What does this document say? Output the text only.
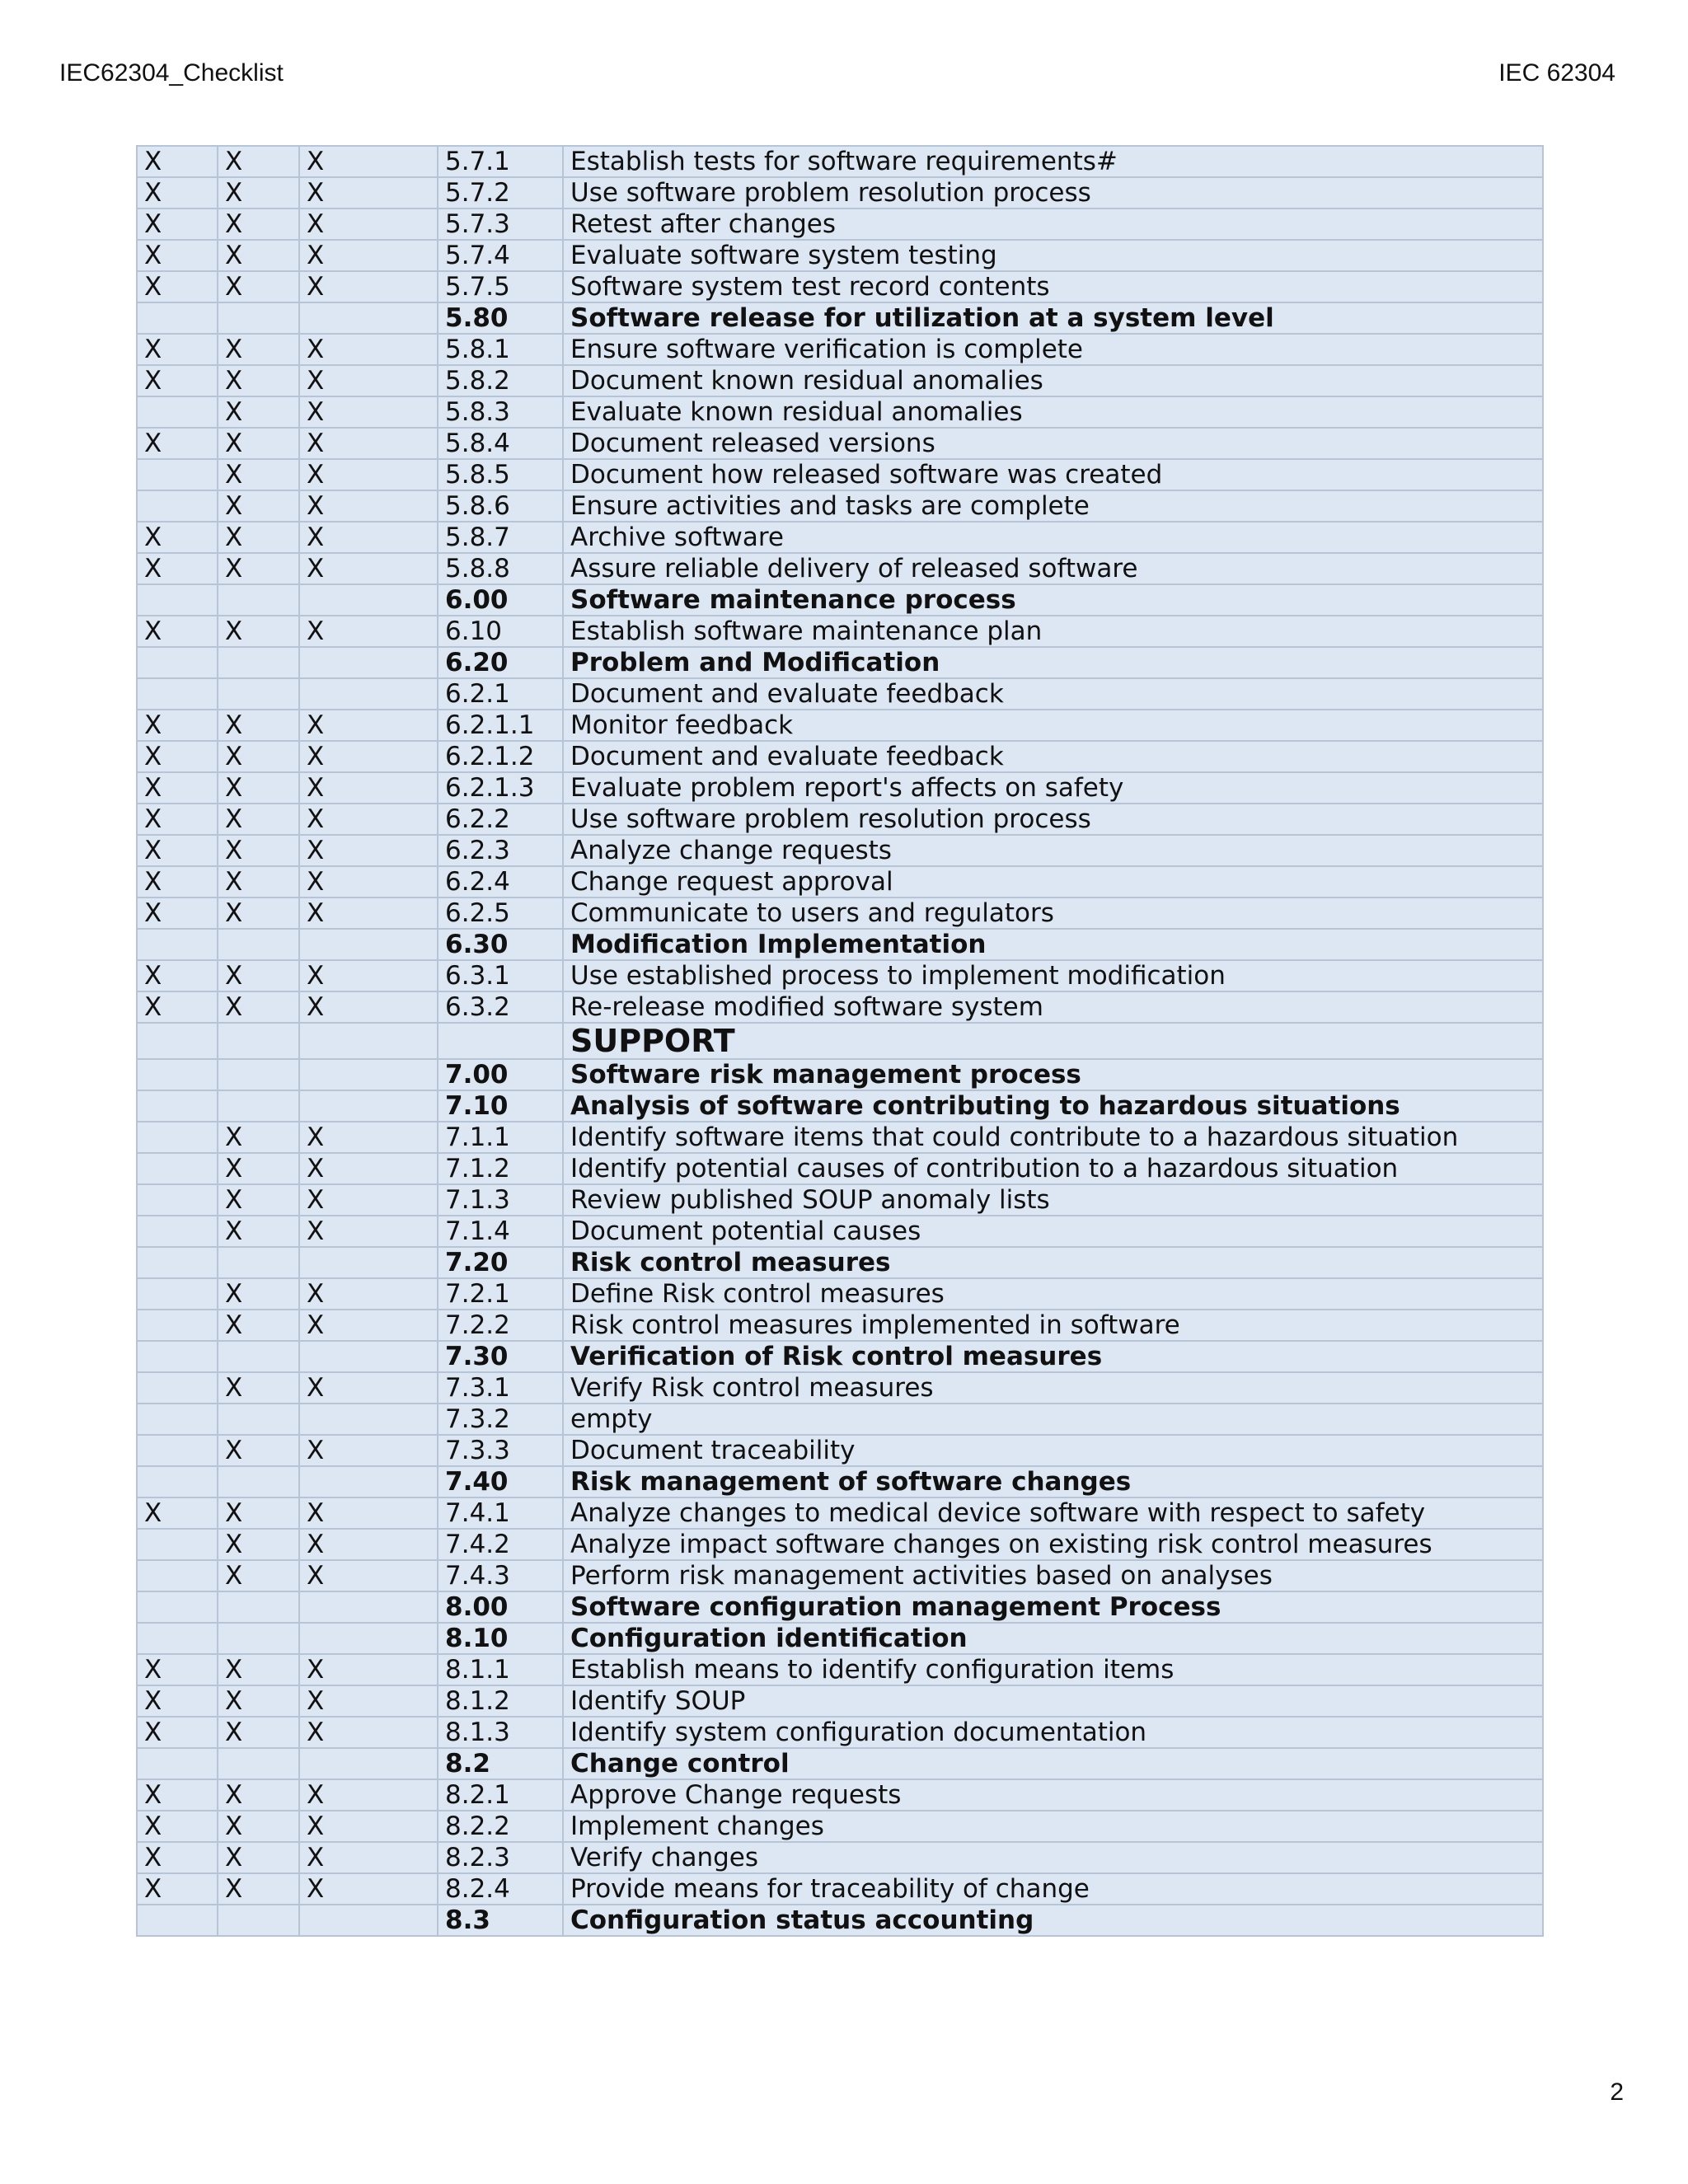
IEC62304_Checklist	IEC 62304
X	X	X	5.7.1	Establish tests for software requirements#
X	X	X	5.7.2	Use software problem resolution process
X	X	X	5.7.3	Retest after changes
X	X	X	5.7.4	Evaluate software system testing
X	X	X	5.7.5	Software system test record contents
			5.80	Software release for utilization at a system level
X	X	X	5.8.1	Ensure software verification is complete
X	X	X	5.8.2	Document known residual anomalies
	X	X	5.8.3	Evaluate known residual anomalies
X	X	X	5.8.4	Document released versions
	X	X	5.8.5	Document how released software was created
	X	X	5.8.6	Ensure activities and tasks are complete
X	X	X	5.8.7	Archive software
X	X	X	5.8.8	Assure reliable delivery of released software
			6.00	Software maintenance process
X	X	X	6.10	Establish software maintenance plan
			6.20	Problem and Modification
			6.2.1	Document and evaluate feedback
X	X	X	6.2.1.1	Monitor feedback
X	X	X	6.2.1.2	Document and evaluate feedback
X	X	X	6.2.1.3	Evaluate problem report's affects on safety
X	X	X	6.2.2	Use software problem resolution process
X	X	X	6.2.3	Analyze change requests
X	X	X	6.2.4	Change request approval
X	X	X	6.2.5	Communicate to users and regulators
			6.30	Modification Implementation
X	X	X	6.3.1	Use established process to implement modification
X	X	X	6.3.2	Re-release modified software system
				SUPPORT
			7.00	Software risk management process
			7.10	Analysis of software contributing to hazardous situations
	X	X	7.1.1	Identify software items that could contribute to a hazardous situation
	X	X	7.1.2	Identify potential causes of contribution to a hazardous situation
	X	X	7.1.3	Review published SOUP anomaly lists
	X	X	7.1.4	Document potential causes
			7.20	Risk control measures
	X	X	7.2.1	Define Risk control measures
	X	X	7.2.2	Risk control measures implemented in software
			7.30	Verification of Risk control measures
	X	X	7.3.1	Verify Risk control measures
			7.3.2	empty
	X	X	7.3.3	Document traceability
			7.40	Risk management of software changes
X	X	X	7.4.1	Analyze changes to medical device software with respect to safety
	X	X	7.4.2	Analyze impact software changes on existing risk control measures
	X	X	7.4.3	Perform risk management activities based on analyses
			8.00	Software configuration management Process
			8.10	Configuration identification
X	X	X	8.1.1	Establish means to identify configuration items
X	X	X	8.1.2	Identify SOUP
X	X	X	8.1.3	Identify system configuration documentation
			8.2	Change control
X	X	X	8.2.1	Approve Change requests
X	X	X	8.2.2	Implement changes
X	X	X	8.2.3	Verify changes
X	X	X	8.2.4	Provide means for traceability of change
			8.3	Configuration status accounting
2
